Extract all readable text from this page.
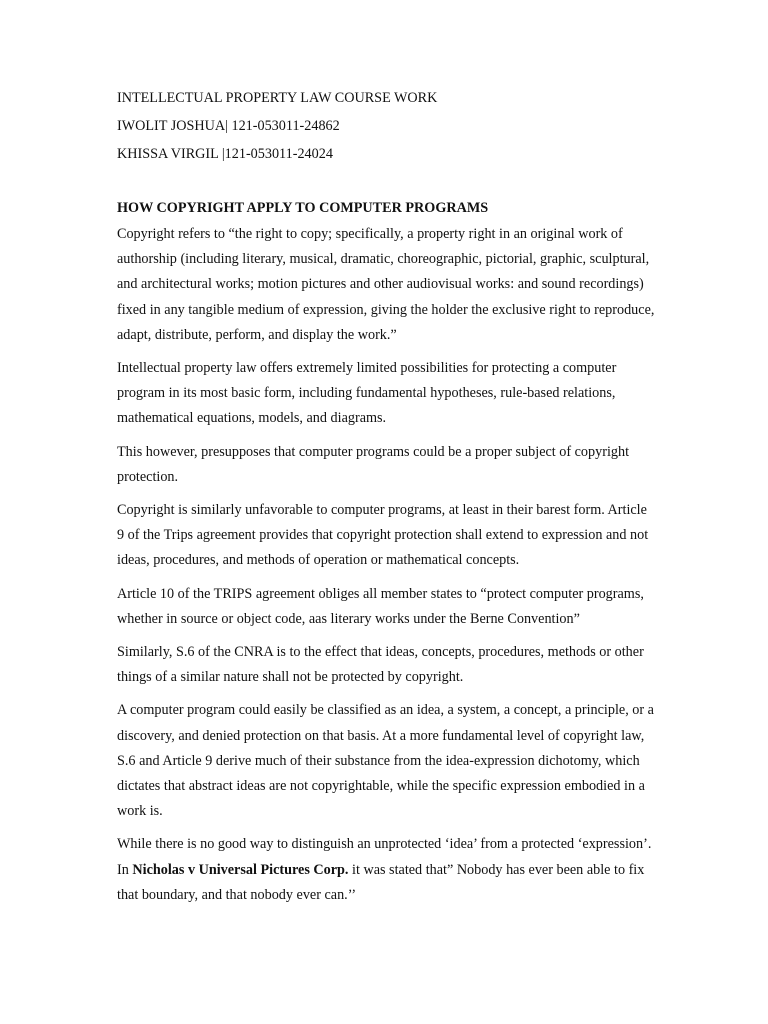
INTELLECTUAL PROPERTY LAW COURSE WORK
IWOLIT JOSHUA| 121-053011-24862
KHISSA VIRGIL |121-053011-24024
HOW COPYRIGHT APPLY TO COMPUTER PROGRAMS

Copyright refers to “the right to copy; specifically, a property right in an original work of authorship (including literary, musical, dramatic, choreographic, pictorial, graphic, sculptural, and architectural works; motion pictures and other audiovisual works: and sound recordings) fixed in any tangible medium of expression, giving the holder the exclusive right to reproduce, adapt, distribute, perform, and display the work.”

Intellectual property law offers extremely limited possibilities for protecting a computer program in its most basic form, including fundamental hypotheses, rule-based relations, mathematical equations, models, and diagrams.

This however, presupposes that computer programs could be a proper subject of copyright protection.

Copyright is similarly unfavorable to computer programs, at least in their barest form. Article 9 of the Trips agreement provides that copyright protection shall extend to expression and not ideas, procedures, and methods of operation or mathematical concepts.

Article 10 of the TRIPS agreement obliges all member states to “protect computer programs, whether in source or object code, aas literary works under the Berne Convention”

Similarly, S.6 of the CNRA is to the effect that ideas, concepts, procedures, methods or other things of a similar nature shall not be protected by copyright.

A computer program could easily be classified as an idea, a system, a concept, a principle, or a discovery, and denied protection on that basis. At a more fundamental level of copyright law, S.6 and Article 9 derive much of their substance from the idea-expression dichotomy, which dictates that abstract ideas are not copyrightable, while the specific expression embodied in a work is.

While there is no good way to distinguish an unprotected ‘idea’ from a protected ‘expression’. In Nicholas v Universal Pictures Corp. it was stated that” Nobody has ever been able to fix that boundary, and that nobody ever can.’’
